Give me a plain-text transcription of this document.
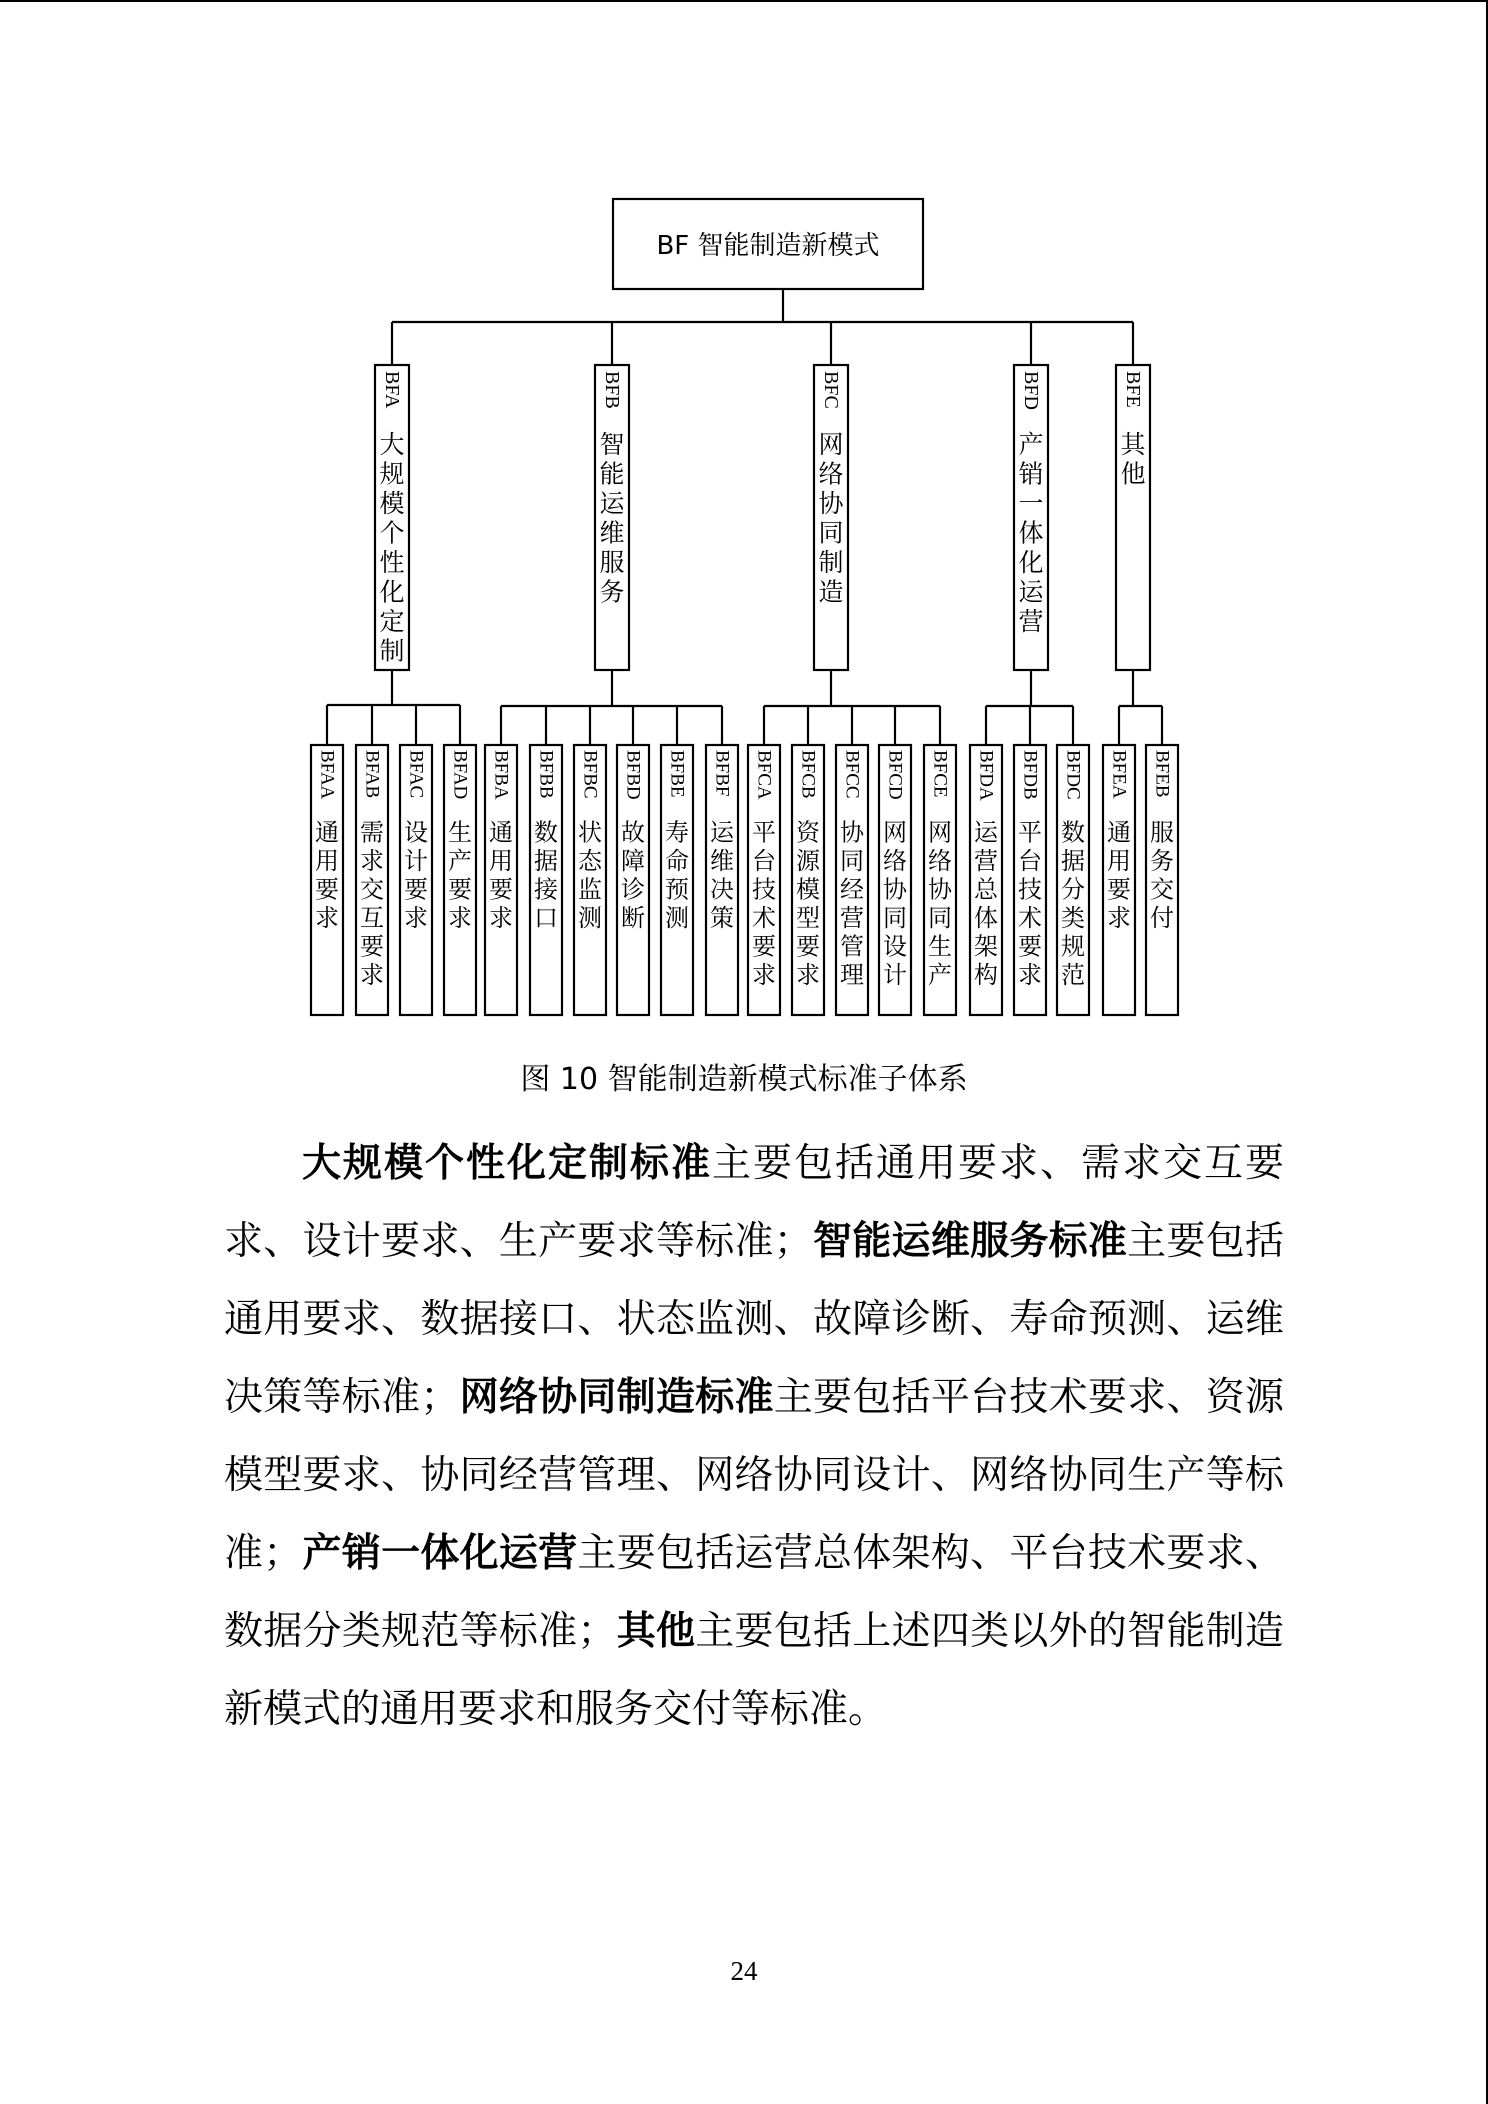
BF 智能制造新模式
BFA
大规模个性化定制
BFAA
通用要求
BFAB
需求交互要求
BFAC
设计要求
BFAD
生产要求
BFB
智能运维服务
BFBA
通用要求
BFBB
数据接口
BFBC
状态监测
BFBD
故障诊断
BFBE
寿命预测
BFBF
运维决策
BFC
网络协同制造
BFCA
平台技术要求
BFCB
资源模型要求
BFCC
协同经营管理
BFCD
网络协同设计
BFCE
网络协同生产
BFD
产销一体化运营
BFDA
运营总体架构
BFDB
平台技术要求
BFDC
数据分类规范
BFE
其他
BFEA
通用要求
BFEB
服务交付
图 10 智能制造新模式标准子体系

大规模个性化定制标准主要包括通用要求、需求交互要求、设计要求、生产要求等标准；智能运维服务标准主要包括通用要求、数据接口、状态监测、故障诊断、寿命预测、运维决策等标准；网络协同制造标准主要包括平台技术要求、资源模型要求、协同经营管理、网络协同设计、网络协同生产等标准；产销一体化运营主要包括运营总体架构、平台技术要求、数据分类规范等标准；其他主要包括上述四类以外的智能制造新模式的通用要求和服务交付等标准。

24
